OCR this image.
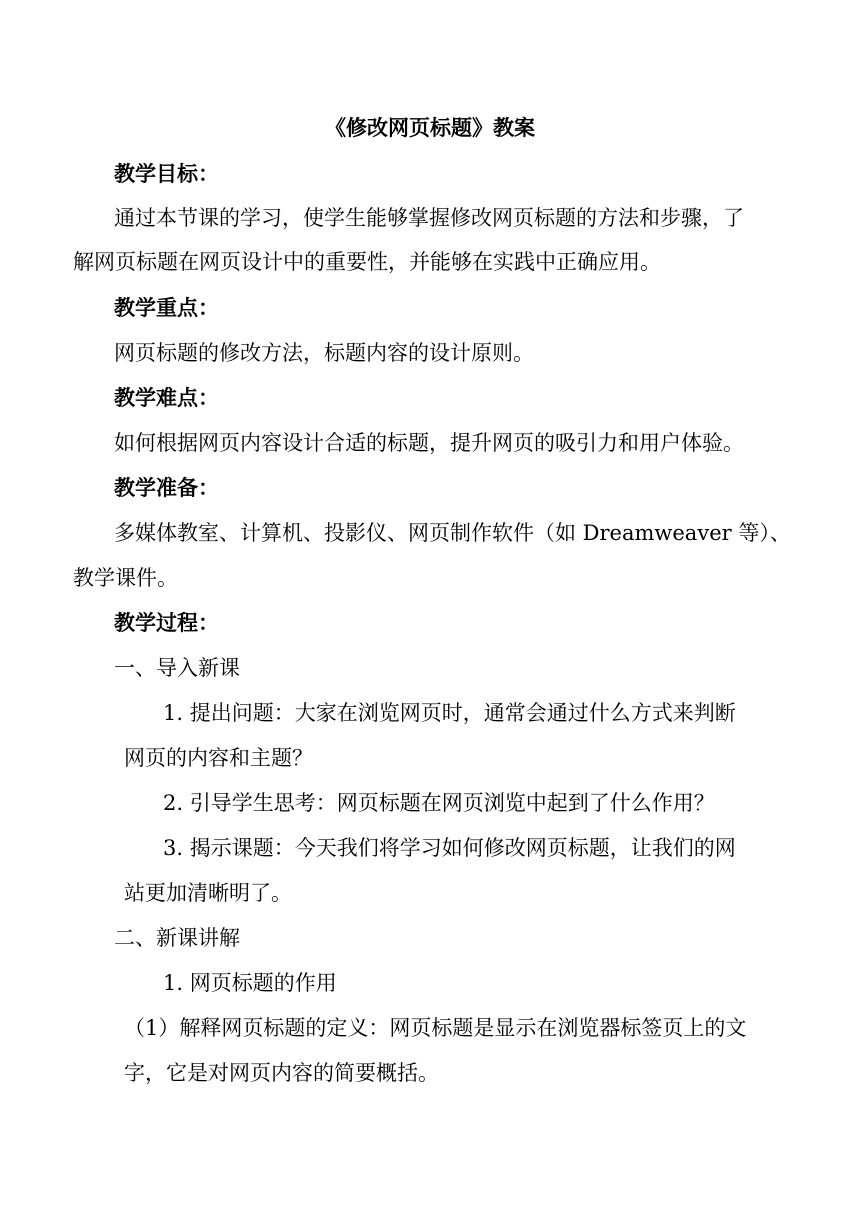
《修改网页标题》教案
教学目标：
通过本节课的学习，使学生能够掌握修改网页标题的方法和步骤，了
解网页标题在网页设计中的重要性，并能够在实践中正确应用。
教学重点：
网页标题的修改方法，标题内容的设计原则。
教学难点：
如何根据网页内容设计合适的标题，提升网页的吸引力和用户体验。
教学准备：
多媒体教室、计算机、投影仪、网页制作软件（如 Dreamweaver 等）、
教学课件。
教学过程：
一、导入新课
1. 提出问题：大家在浏览网页时，通常会通过什么方式来判断
网页的内容和主题？
2. 引导学生思考：网页标题在网页浏览中起到了什么作用？
3. 揭示课题：今天我们将学习如何修改网页标题，让我们的网
站更加清晰明了。
二、新课讲解
1. 网页标题的作用
（1）解释网页标题的定义：网页标题是显示在浏览器标签页上的文
字，它是对网页内容的简要概括。
